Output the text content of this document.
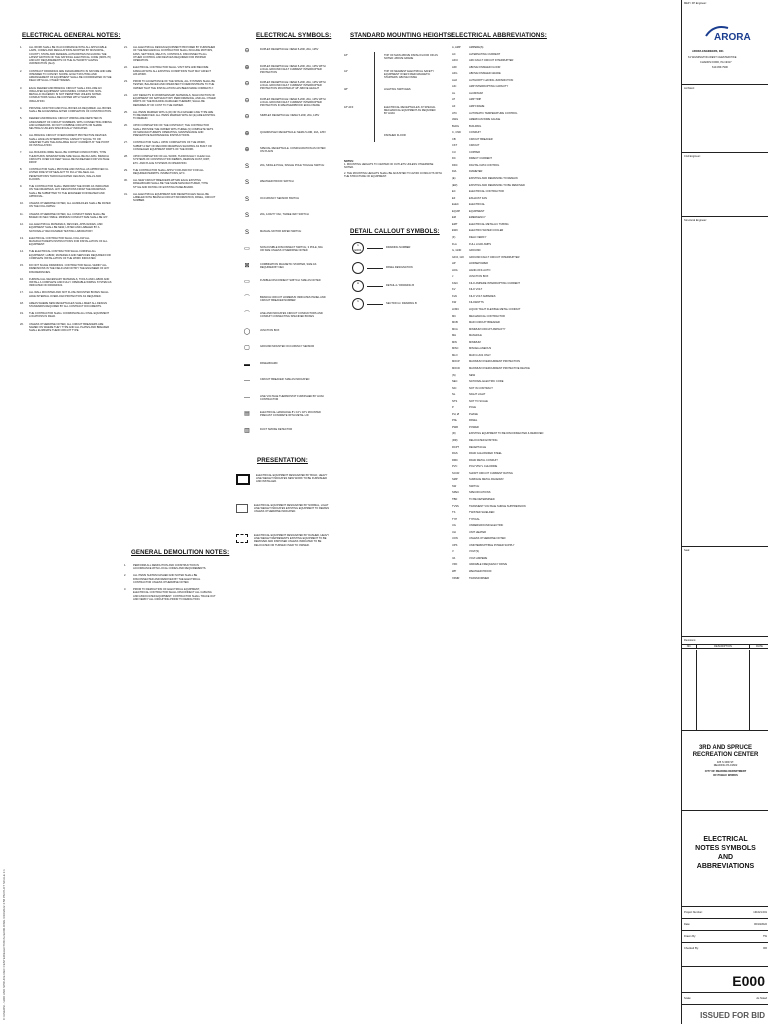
C:\USERS\...\3RD AND SPRUCE REC CENTER\ELECTRICAL\E000.DWG 6/10/2022 4:58 PM PLOT SCALE 1:1
ELECTRICAL GENERAL NOTES:
1.	ALL WORK SHALL BE IN ACCORDANCE WITH ALL APPLICABLE LAWS, CODES AND REGULATIONS ADOPTED BY MUNICIPAL, COUNTY, STATE AND FEDERAL AUTHORITIES INCLUDING THE LATEST EDITION OF THE NATIONAL ELECTRICAL CODE (NFPA 70) AND ANY REQUIREMENTS OF THE AUTHORITY HAVING JURISDICTION (AHJ).
2.	CONTRACT DRAWINGS ARE DIAGRAMMATIC IN NATURE AND ARE INTENDED TO CONVEY SCOPE. EXACT ROUTING AND ARRANGEMENT OF EQUIPMENT SHALL BE COORDINATED IN THE FIELD WITH ALL OTHER TRADES.
3.	EACH FEEDER AND BRANCH CIRCUIT SHALL INCLUDE AN INSULATED EQUIPMENT GROUNDING CONDUCTOR. NON-METALLIC RACEWAY IS NOT PERMITTED UNLESS NOTED. CONDUCTORS SHALL BE COPPER WITH THHN/THWN INSULATION.
4.	PROVIDE JUNCTION AND PULL BOXES AS REQUIRED. ALL BOXES SHALL BE ACCESSIBLE AFTER COMPLETION OF CONSTRUCTION.
5.	FEEDER AND BRANCH CIRCUIT WIRING ARE DEPICTED IN ASSIGNMENT OF CIRCUIT NUMBERS. WITH CONNECTING WIRING AND HOMERUNS. DO NOT COMBINE CIRCUITS OR SHARE NEUTRALS UNLESS SPECIFICALLY INDICATED.
6.	ALL BRANCH CIRCUIT OVERCURRENT PROTECTIVE DEVICES SHALL HAVE AN INTERRUPTING CAPACITY EQUAL TO OR GREATER THAN THE AVAILABLE FAULT CURRENT AT THE POINT OF INSTALLATION.
7.	ALL BUILDING WIRE SHALL BE COPPER CONDUCTORS, TYPE THHN/THWN. MINIMUM WIRE SIZE SHALL BE #12 AWG. BRANCH CIRCUITS OVER 100 FEET SHALL BE INCREASED FOR VOLTAGE DROP.
8.	CONTRACTOR SHALL PROVIDE AND INSTALL AS APPROVED UL LISTED FIRE STOP SEALANT TO FULLY RE-SEAL ALL PENETRATIONS THROUGH RATED CEILINGS, WALLS AND FLOORS.
9.	THE CONTRACTOR SHALL PERFORM THE WORK AS INDICATED ON THE DRAWINGS. ANY DEVIATIONS FROM THE DRAWINGS SHALL BE SUBMITTED TO THE ENGINEER FOR REVIEW AND APPROVAL.
10.	UNLESS OTHERWISE NOTED, ALL HANDHOLES SHALL BE RATED ON THE FOLLOWING:
11.	UNLESS OTHERWISE NOTED, ALL CONDUIT SIZES SHALL BE BASED ON NEC TABLE. MINIMUM CONDUIT SIZE SHALL BE 3/4".
12.	ALL ELECTRICAL MATERIALS, DEVICES, APPLIANCES, AND EQUIPMENT SHALL BE NEW, LISTED AND LABELED BY A NATIONALLY RECOGNIZED TESTING LABORATORY.
13.	ELECTRICAL CONTRACTOR SHALL FOLLOW ALL MANUFACTURER'S INSTRUCTIONS FOR INSTALLATION OF ALL EQUIPMENT.
14.	THE ELECTRICAL CONTRACTOR SHALL FURNISH ALL EQUIPMENT, LABOR, MATERIALS AND SERVICES REQUIRED FOR COMPLETE INSTALLATION OF THE WORK INDICATED.
15.	DO NOT SCALE DRAWINGS. CONTRACTOR SHALL VERIFY ALL DIMENSIONS IN THE FIELD AND NOTIFY THE ENGINEER OF ANY DISCREPANCIES.
16.	FURNISH ALL NECESSARY MATERIALS, TOOLS AND LABOR AND INSTALL A COMPLETE AND FULLY OPERABLE WIRING SYSTEM AS INDICATED ON DRAWINGS.
17.	ALL WALL MOUNTED AND NOT FLUSH MOUNTED BOXES SHALL HAVE INTERNAL OVERLOAD PROTECTION AS REQUIRED.
18.	AREAS WHERE NEW RECEPTACLES SHALL MEET ALL DESIGN STANDARDS REQUIRED BY ALL CONTRACT DOCUMENTS.
19.	THE CONTRACTOR SHALL COORDINATE ALL FINAL EQUIPMENT LOCATIONS IN FIELD.
20.	UNLESS OTHERWISE NOTED, ALL CIRCUIT BREAKERS ARE NAMED ON WHERE THEY TYPE AND ALL PLATES AND BREAKER SHALL ELIMINATE THEIR CIRCUIT TYPE.
21.	ALL ELECTRICAL DESIGN EQUIPMENT PROVIDED BY FURNISHER OF THE MECHANICAL CONTRACTOR SHALL INCLUDE MOTORS, FANS, SETTINGS, RELAYS, CONTROLS. DISCONNECTS ALL OTHER CONTROL AND DEVICES REQUIRED FOR PROPER OPERATION.
22.	ELECTRICAL CONTRACTOR SHALL VISIT SITE AND BECOME FAMILIAR WITH ALL EXISTING CONDITIONS THAT MAY AFFECT HIS WORK.
23.	PRIOR TO ACCEPTANCE OF THE SPACE, ALL SYSTEMS SHALL BE TESTED, BALANCED AND OPERATED TO DEMONSTRATE TO THE OWNER THAT THE INSTALLATION HAS BEEN MADE CORRECTLY.
24.	ANY DEFECTS IN WORKMANSHIP, MATERIALS, MALFUNCTION OF EQUIPMENT OR SATISFACTORY PERFORMANCE, AND ALL OTHER PARTS OF THE BUILDING DAMAGED THEREBY, SHALL BE REPAIRED AT NO COST TO THE OWNER.
25.	ALL ITEMS MARKED WITH A (R) OR IN A DASHED LINE TYPE ARE TO BE REMOVED. ALL ITEMS MARKED WITH AN (E) ARE EXISTING TO REMAIN.
26.	UPON COMPLETION OF THE CONTRACT, THE CONTRACTOR SHALL PROVIDE THE OWNER WITH THREE (3) COMPLETE SETS OF MANUFACTURER'S OPERATING, MAINTENANCE AND PREVENTIVE MAINTENANCE INSTRUCTIONS.
27.	CONTRACTOR SHALL UPON COMPLETION OF THE WORK, SUBMIT A SET OF RECORD DRAWINGS SHOWING AS BUILT OR CONCEALED EQUIPMENT PARTS OF THE WORK.
28.	UPON COMPLETION OF ALL WORK, THOROUGHLY CLEAN ALL SYSTEMS OF CONSTRUCTION DEBRIS, REMOVE DUST, DIRT, ETC. AND PLACE SYSTEMS IN OPERATION.
29.	THE CONTRACTOR SHALL APPLY FOR AND PAY FOR ALL REQUIRED PERMITS. INSPECTIONS, ETC.
30.	ALL NEW CIRCUIT BREAKERS WITHIN EACH EXISTING PANELBOARD SHALL BE THE SAME MANUFACTURER, TYPE STYLE AND RATING OF EXISTING PANELBOARD.
31.	ALL ELECTRICAL EQUIPMENT AND RECEPTACLES SHALL BE LABELED WITH BRANCH CIRCUIT INFORMATION, PANEL, CIRCUIT NUMBER.
GENERAL DEMOLITION NOTES:
1.	PERFORM ALL DEMOLITION AND CONSTRUCTION IN ACCORDANCE WITH LOCAL CODES AND REQUIREMENTS.
2.	ALL ITEMS SHOWN DASHED AND NOTED SHALL BE DISCONNECTED AND REMOVED BY THE ELECTRICAL CONTRACTOR UNLESS OTHERWISE NOTED.
3.	PRIOR TO DEMOLITION OF ELECTRICAL EQUIPMENT, ELECTRICAL CONTRACTOR SHALL DISCONNECT ALL CABLING AND ASSOCIATED EQUIPMENT. CONTRACTOR SHALL TRACE OUT AND VERIFY ALL CIRCUITING PRIOR TO DEMOLITION.
ELECTRICAL SYMBOLS:
⊖	DUPLEX RECEPTACLE: NEMA 5-20R, 20A, 125V
⊕	DUPLEX RECEPTACLE: NEMA 5-20R, 20A, 125V WITH LOCAL GROUND FAULT CURRENT INTERRUPTER PROTECTION
⊖	DUPLEX RECEPTACLE: NEMA 5-20R, 20A, 125V WITH LOCAL GROUND FAULT CURRENT INTERRUPTER PROTECTION MOUNTED AT 18" ABOVE HEIGHT
⊖	DUPLEX RECEPTACLE: NEMA 5-20R, 20A, 125V WITH LOCAL GROUND FAULT CURRENT INTERRUPTER PROTECTION IN WEATHERPROOF ENCLOSURE
⊖	SIMPLEX RECEPTACLE: NEMA 5-20R, 20A, 125V
⊕	QUADRUPLEX RECEPTACLE: NEMA 5-20R, 20A, 125V
⊕	SPECIAL RECEPTACLE. CONFIGURATION AS NOTED ON PLANS
S	20A, SINGLE POLE, SINGLE POLE TOGGLE SWITCH
S	WEATHER PROOF SWITCH
S	OCCUPANCY SENSOR SWITCH
S	20A, 120/277 VAC, THREE WAY SWITCH
S	MANUAL MOTOR RATED SWITCH
▭	NON-FUSIBLE DISCONNECT SWITCH, 3 POLE, 60A OR SIZE UNLESS OTHERWISE NOTED
⊠	COMBINATION MAGNETIC STARTER, SIZE AS REQUIRED BY NEC
▭	FUSIBLE DISCONNECT SWITCH: SIZE AS NOTED
⌒	BRANCH CIRCUIT HOMERUN INDICATES PANEL AND CIRCUIT BREAKER NUMBER
⌒	LINE AND INDICATES CIRCUIT CONDUCTORS AND CONDUIT CONNECTING SPECIFIED BOXES
◯	JUNCTION BOX
▢	GROUND MOUNTED OCCUPANCY SENSOR
▬	PANELBOARD
—	CIRCUIT BREAKER: SIZE AS INDICATED
—	LINE VOLTAGE THERMOSTAT FURNISHED BY HVAC CONTRACTOR
▤	ELECTRICAL HANDHOLE 8"x 10"x 18"x MOUNTED PRECAST CONCRETE WITH METAL LID
▥	DUCT SMOKE DETECTOR
STANDARD MOUNTING HEIGHTS:
18"	TOP OF MAIN ABOVE FINISH FLOOR OR AS NOTED: ABOVE GRADE
44"	TOP OF NEAREST ELECTRICAL SAFETY EQUIPMENT OVER FIXED MAGNETIC STARTERS: ABOVE FINISH
48"	LIGHTING SWITCHES
18" AFF	ELECTRICAL RECEPTACLES: AT SPECIAL MECHANICAL EQUIPMENT AS REQUIRED BY HVAC
FINISHED FLOOR
NOTES:
1. MOUNTING HEIGHTS TO CENTER OF OUTLETS UNLESS OTHERWISE NOTED.
2. THE MOUNTING HEIGHTS SHALL BE ADJUSTED TO AVOID CONFLICTS WITH THE STRUCTURE OF EQUIPMENT.
DETAIL CALLOUT SYMBOLS:
1
E001
DRAWING NUMBER
PANEL DESIGNATION
A
DETAIL A / DRAWING B
1
SECTION A / DRAWING B
PRESENTATION:
ELECTRICAL EQUIPMENT DESIGNATED BY BOLD, HEAVY LINE WEIGHT INDICATES NEW WORK TO BE FURNISHED AND INSTALLED.
ELECTRICAL EQUIPMENT DESIGNATED BY NORMAL, LIGHT LINE WEIGHT INDICATES EXISTING EQUIPMENT TO REMAIN UNLESS OTHERWISE INDICATED.
ELECTRICAL EQUIPMENT DESIGNATED BY DASHED, HEAVY LINE WEIGHT REPRESENTS EXISTING EQUIPMENT TO BE REMOVED AND DISPOSED UNLESS INDICATED TO BE RELOCATED OR TURNED OVER TO OWNER.
ELECTRICAL ABBREVIATIONS:
A, AMP	AMPERE(S)
AC	ALTERNATING CURRENT
AFCI	ARC FAULT CIRCUIT INTERRUPTER
AFF	ABOVE FINISHED FLOOR
AFG	ABOVE FINISHED GRADE
AHJ	AUTHORITY HAVING JURISDICTION
AIC	AMP INTERRUPTING CAPACITY
AL	ALUMINUM
AT	AMP TRIP
AF	AMP FRAME
ATC	AUTOMATIC TEMPERATURE CONTROL
AWG	AMERICAN WIRE GAUGE
BLDG	BUILDING
C, CND	CONDUIT
CB	CIRCUIT BREAKER
CKT	CIRCUIT
CU	COPPER
DC	DIRECT CURRENT
DDC	DIGITAL DATA CONTROL
DIA	DIAMETER
(E)	EXISTING AND REMAINING TO REMAIN
(ER)	EXISTING AND REMAINING TO BE REMOVED
EC	ELECTRICAL CONTRACTOR
EF	EXHAUST FAN
ELEC	ELECTRICAL
EQUIP	EQUIPMENT
EM	EMERGENCY
EMT	ELECTRICAL METALLIC TUBING
EWC	ELECTRIC WATER COOLER
(F)	FIELD VERIFY
FLA	FULL LOAD AMPS
G, GND	GROUND
GFCI, GFI	GROUND FAULT CIRCUIT INTERRUPTER
HP	HORSEPOWER
HOA	HAND-OFF-AUTO
J	JUNCTION BOX
KAIC	KILO AMPERE INTERRUPTING CURRENT
KV	KILO VOLT
KVA	KILO VOLT AMPERES
KW	KILOWATTS
LFMC	LIQUID TIGHT FLEXIBLE METAL CONDUIT
MC	MECHANICAL CONTRACTOR
MCB	MAIN CIRCUIT BREAKER
MCA	MINIMUM CIRCUIT AMPACITY
MH	MANHOLE
MIN	MINIMUM
MISC	MISCELLANEOUS
MLO	MAIN LUGS ONLY
MOCP	MAXIMUM OVERCURRENT PROTECTION
MOCD	MAXIMUM OVERCURRENT PROTECTIVE DEVICE
(N)	NEW
NEC	NATIONAL ELECTRIC CODE
NIC	NOT IN CONTRACT
NL	NIGHT LIGHT
NTS	NOT TO SCALE
P	POLE
PH, Ø	PHASE
PNL	PANEL
PWR	POWER
(R)	EXISTING EQUIPMENT TO BE DISCONNECTED & REMOVED
(RR)	RELOCATED EXISTING
RCPT	RECEPTACLE
RGS	RIGID GALVANIZED STEEL
RMC	RIGID METAL CONDUIT
PVC	POLYVINYL CHLORIDE
SCCR	SHORT CIRCUIT CURRENT RATING
SMP	SURFACE METAL RACEWAY
SW	SWITCH
SPEC	SPECIFICATIONS
TBD	TO BE DETERMINED
TVSS	TRANSIENT VOLTAGE SURGE SUPPRESSION
TS	TWISTED SHIELDED
TYP	TYPICAL
UG	UNDERGROUND ELECTRIC
UH	UNIT HEATER
UON	UNLESS OTHERWISE NOTED
UPS	UNINTERRUPTIBLE POWER SUPPLY
V	VOLT(S)
VA	VOLT-AMPERE
VFD	VARIABLE FREQUENCY DRIVE
WP	WEATHER PROOF
XFMR	TRANSFORMER
MEP / FP Engineer:
ARORA
ARORA ENGINEERS, INC.
61 WILMINGTON-WEST CHESTER PIKE
CHADDS FORD, PA 19317
610.459.7900
Architect:
Civil Engineer:
Structural Engineer:
Seal:
Revisions:
NO.	DESCRIPTION	DATE
3RD AND SPRUCE RECREATION CENTER
325 S 3RD ST.
READING PA 19602
CITY OF READING DEPARTMENT
OF PUBLIC WORKS
ELECTRICAL NOTES SYMBOLS AND ABBREVIATIONS
Project Number:	131021.001
Date:	06/10/2022
Drawn By:	TW
Checked By:	RR
E000
Scale:	As Noted
ISSUED FOR BID
